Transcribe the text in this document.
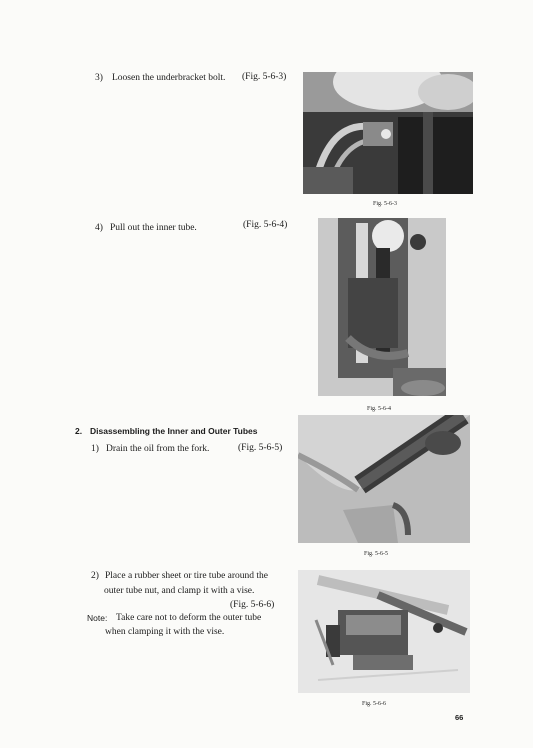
3) Loosen the underbracket bolt. (Fig. 5-6-3)
Fig. 5-6-3
4) Pull out the inner tube.	(Fig. 5-6-4)
Fig. 5-6-4
2. Disassembling the Inner and Outer Tubes
1) Drain the oil from the fork.	(Fig. 5-6-5)
Fig. 5-6-5
2) Place a rubber sheet or tire tube around the
outer tube nut, and clamp it with a vise.
(Fig. 5-6-6)
Note: Take care not to deform the outer tube
when clamping it with the vise.
Fig. 5-6-6
66
